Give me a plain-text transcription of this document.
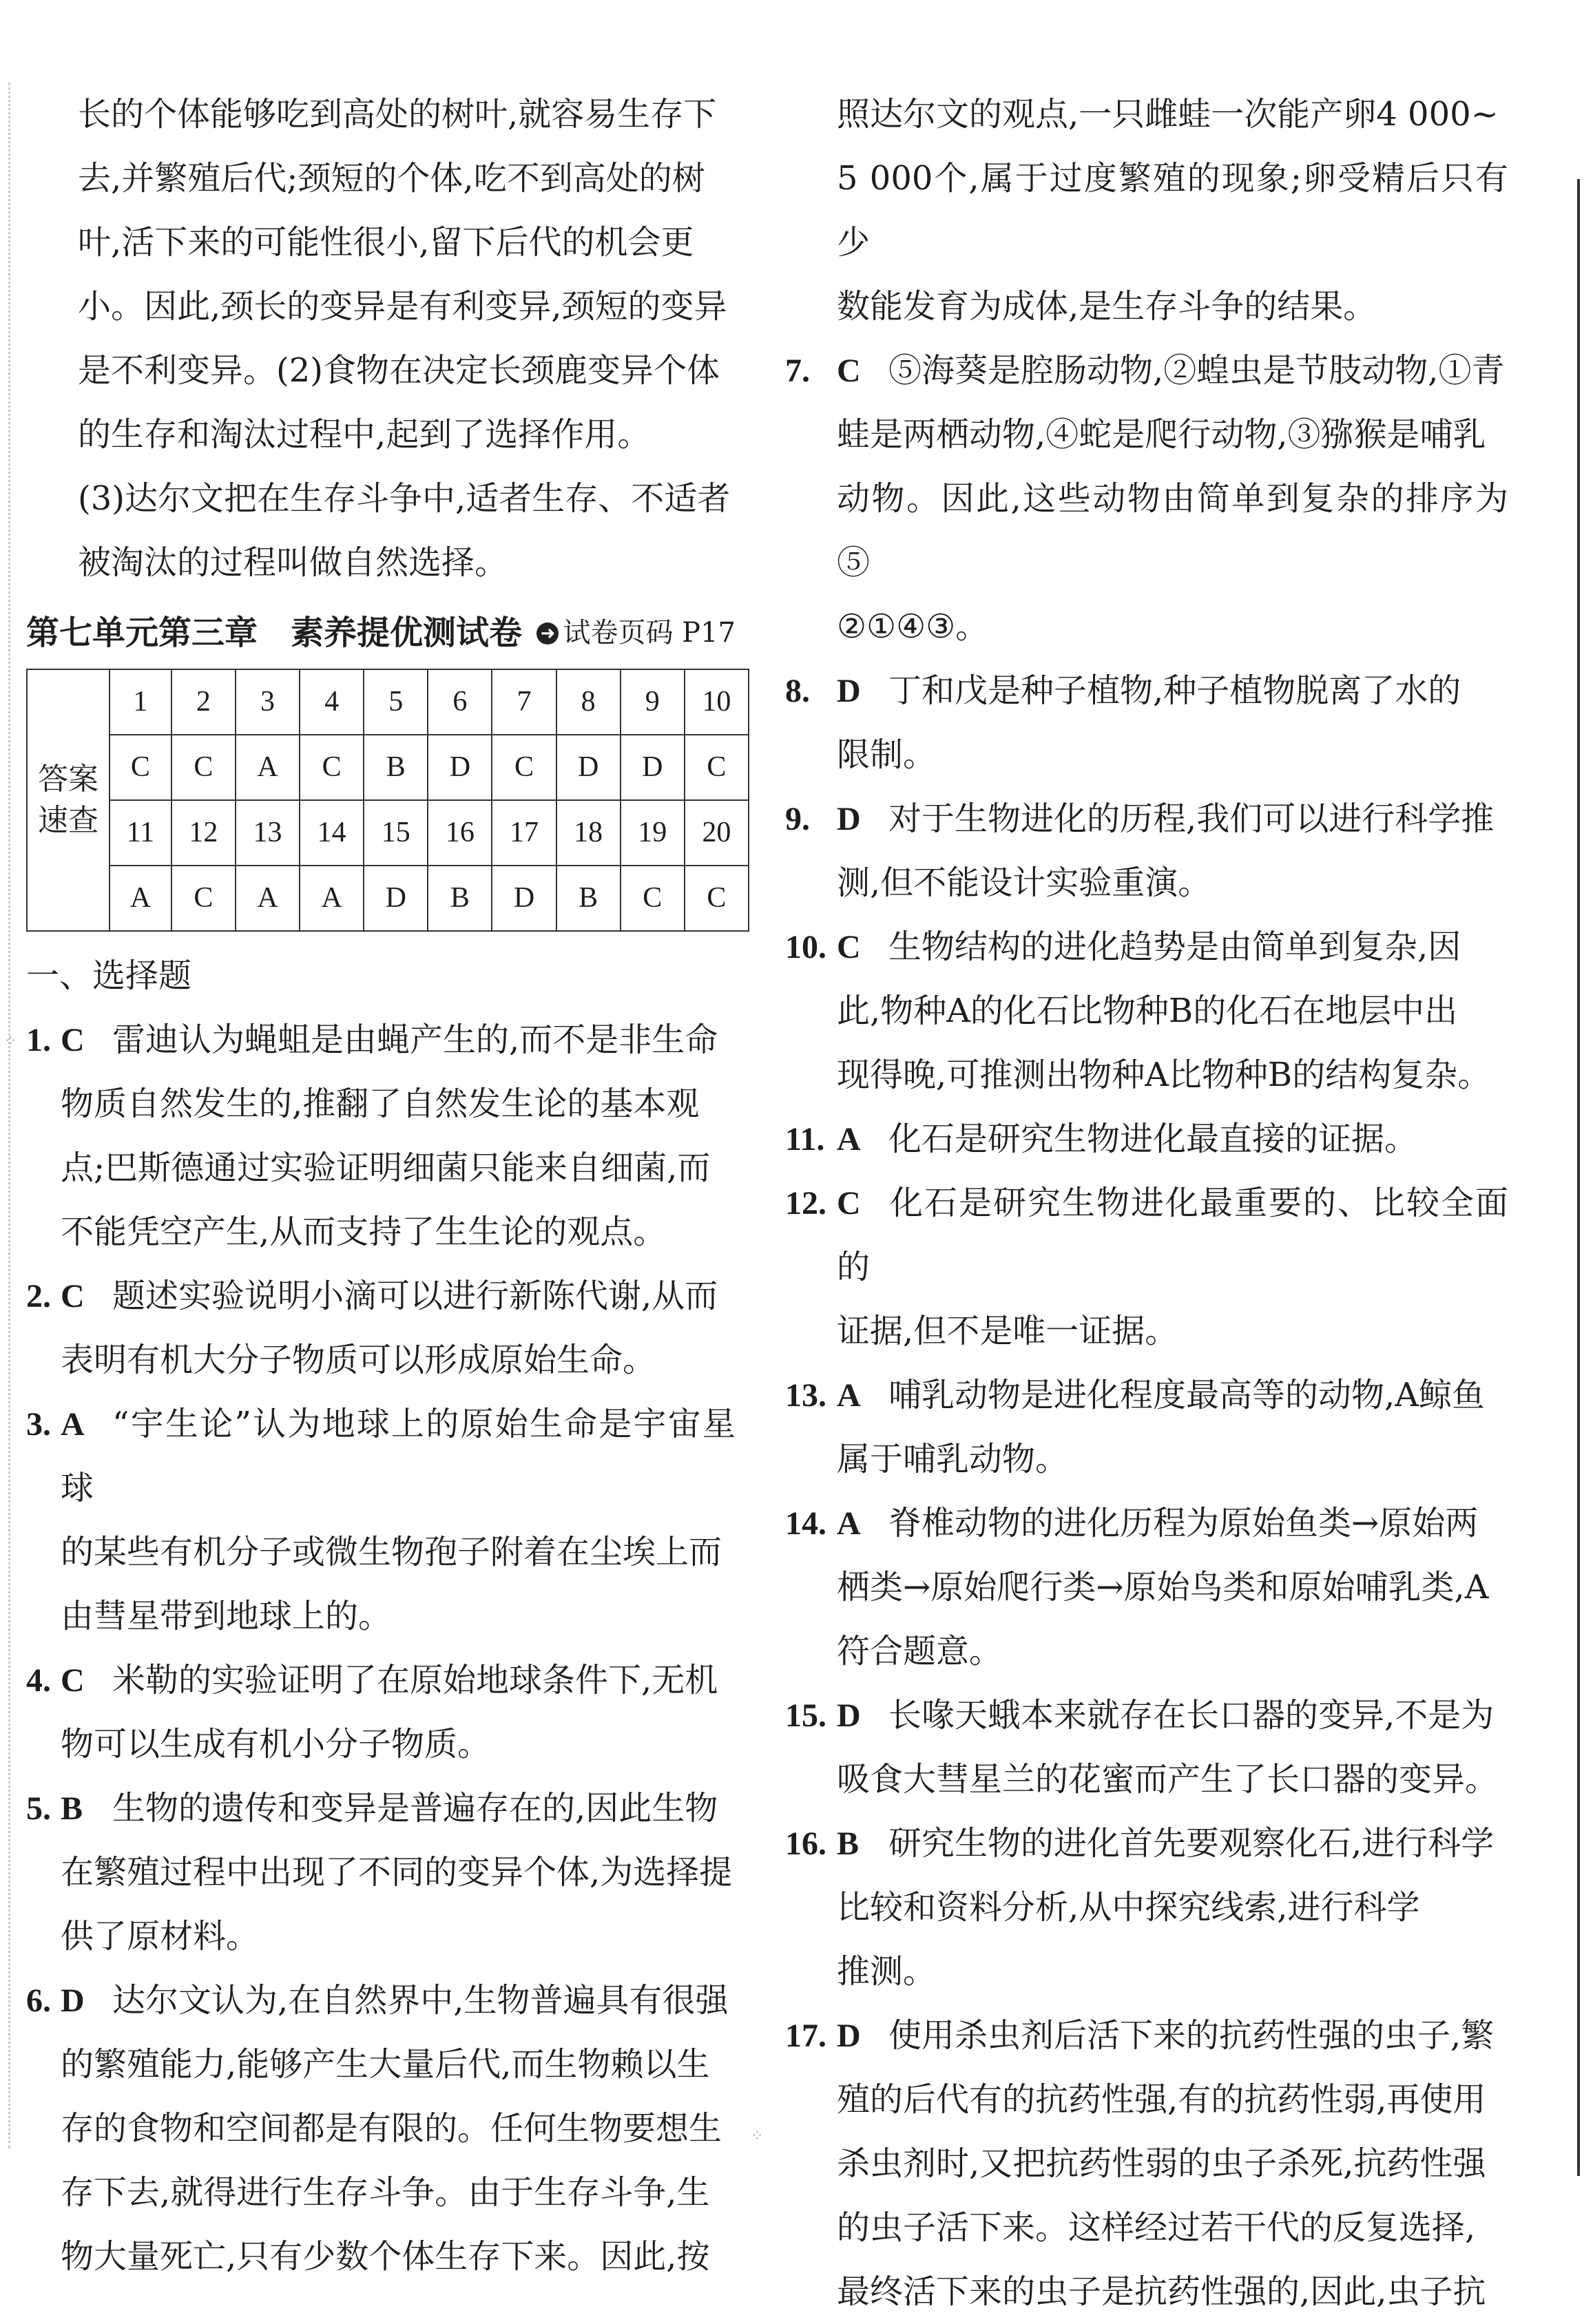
⁘
⁘

长的个体能够吃到高处的树叶,就容易生存下

去,并繁殖后代;颈短的个体,吃不到高处的树

叶,活下来的可能性很小,留下后代的机会更

小。因此,颈长的变异是有利变异,颈短的变异

是不利变异。(2)食物在决定长颈鹿变异个体

的生存和淘汰过程中,起到了选择作用。

(3)达尔文把在生存斗争中,适者生存、不适者

被淘汰的过程叫做自然选择。

第七单元第三章　素养提优测试卷 ➜ 试卷页码 P17
答案速查	1	2	3	4	5	6	7	8	9	10
	C	C	A	C	B	D	C	D	D	C
	11	12	13	14	15	16	17	18	19	20
	A	C	A	A	D	B	D	B	C	C

一、选择题

1. C 雷迪认为蝇蛆是由蝇产生的,而不是非生命

物质自然发生的,推翻了自然发生论的基本观

点;巴斯德通过实验证明细菌只能来自细菌,而

不能凭空产生,从而支持了生生论的观点。

2. C 题述实验说明小滴可以进行新陈代谢,从而

表明有机大分子物质可以形成原始生命。

3. A “宇生论”认为地球上的原始生命是宇宙星球

的某些有机分子或微生物孢子附着在尘埃上而

由彗星带到地球上的。

4. C 米勒的实验证明了在原始地球条件下,无机

物可以生成有机小分子物质。

5. B 生物的遗传和变异是普遍存在的,因此生物

在繁殖过程中出现了不同的变异个体,为选择提

供了原材料。

6. D 达尔文认为,在自然界中,生物普遍具有很强

的繁殖能力,能够产生大量后代,而生物赖以生

存的食物和空间都是有限的。任何生物要想生

存下去,就得进行生存斗争。由于生存斗争,生

物大量死亡,只有少数个体生存下来。因此,按

照达尔文的观点,一只雌蛙一次能产卵4 000~

5 000个,属于过度繁殖的现象;卵受精后只有少

数能发育为成体,是生存斗争的结果。

7. C ⑤海葵是腔肠动物,②蝗虫是节肢动物,①青

蛙是两栖动物,④蛇是爬行动物,③猕猴是哺乳

动物。因此,这些动物由简单到复杂的排序为⑤

②①④③。

8. D 丁和戊是种子植物,种子植物脱离了水的

限制。

9. D 对于生物进化的历程,我们可以进行科学推

测,但不能设计实验重演。

10. C 生物结构的进化趋势是由简单到复杂,因

此,物种A的化石比物种B的化石在地层中出

现得晚,可推测出物种A比物种B的结构复杂。

11. A 化石是研究生物进化最直接的证据。

12. C 化石是研究生物进化最重要的、比较全面的

证据,但不是唯一证据。

13. A 哺乳动物是进化程度最高等的动物,A鲸鱼

属于哺乳动物。

14. A 脊椎动物的进化历程为原始鱼类→原始两

栖类→原始爬行类→原始鸟类和原始哺乳类,A

符合题意。

15. D 长喙天蛾本来就存在长口器的变异,不是为

吸食大彗星兰的花蜜而产生了长口器的变异。

16. B 研究生物的进化首先要观察化石,进行科学

比较和资料分析,从中探究线索,进行科学

推测。

17. D 使用杀虫剂后活下来的抗药性强的虫子,繁

殖的后代有的抗药性强,有的抗药性弱,再使用

杀虫剂时,又把抗药性弱的虫子杀死,抗药性强

的虫子活下来。这样经过若干代的反复选择,

最终活下来的虫子是抗药性强的,因此,虫子抗
